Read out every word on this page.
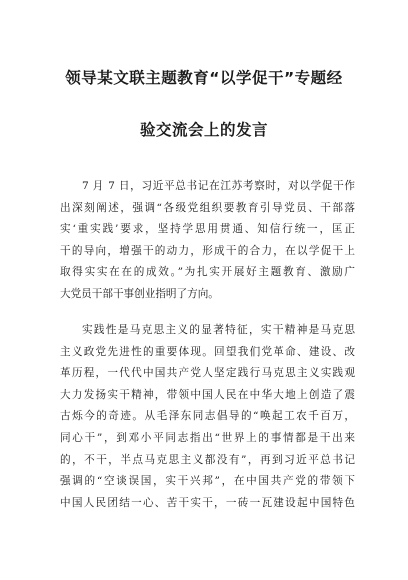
领导某文联主题教育“以学促干”专题经
验交流会上的发言

7 月 7 日，习近平总书记在江苏考察时，对以学促干作
出深刻阐述，强调“各级党组织要教育引导党员、干部落
实‘重实践’要求，坚持学思用贯通、知信行统一，匡正
干的导向，增强干的动力，形成干的合力，在以学促干上
取得实实在在的成效。”为扎实开展好主题教育、激励广
大党员干部干事创业指明了方向。

实践性是马克思主义的显著特征，实干精神是马克思
主义政党先进性的重要体现。回望我们党革命、建设、改
革历程，一代代中国共产党人坚定践行马克思主义实践观
大力发扬实干精神，带领中国人民在中华大地上创造了震
古烁今的奇迹。从毛泽东同志倡导的“唤起工农千百万，
同心干”，到邓小平同志指出“世界上的事情都是干出来
的，不干，半点马克思主义都没有”，再到习近平总书记
强调的“空谈误国，实干兴邦”，在中国共产党的带领下
中国人民团结一心、苦干实干，一砖一瓦建设起中国特色
